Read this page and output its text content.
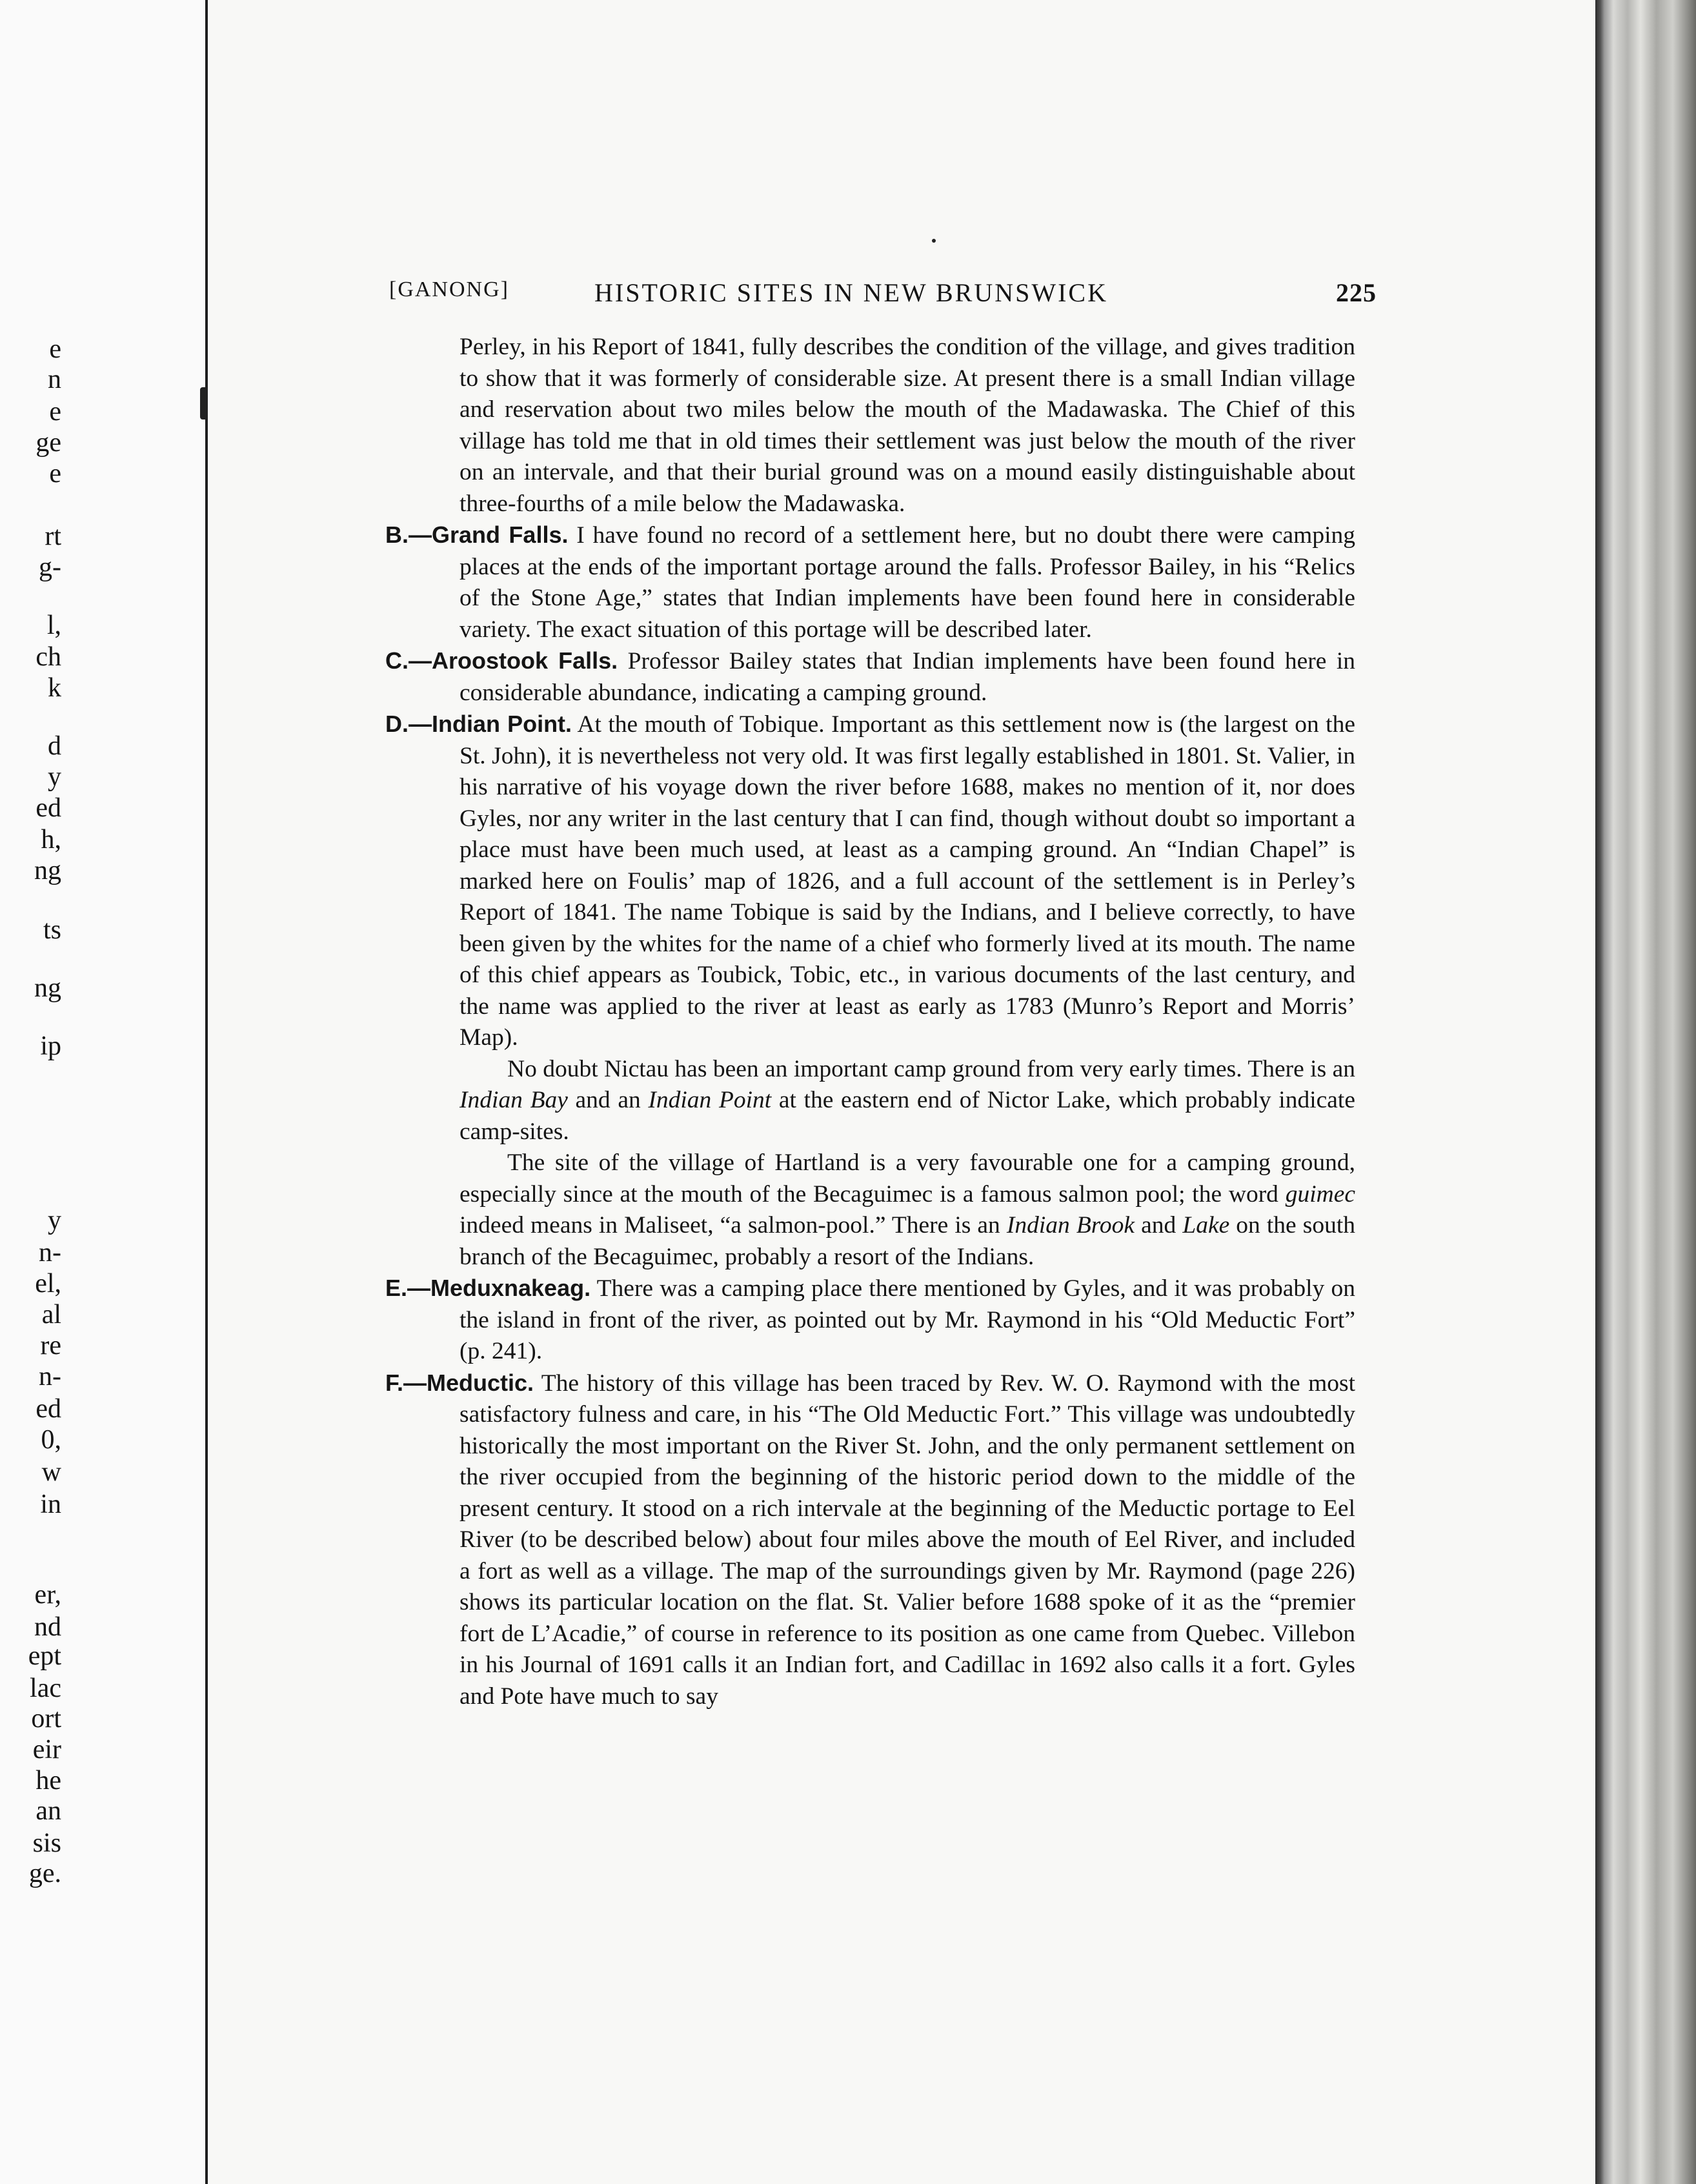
e
n
e
ge
e
rt
g-
l,
ch
k
d
y
ed
h,
ng
ts
ng
ip
y
n-
el,
al
re
n-
ed
0,
w
in
er,
nd
ept
lac
ort
eir
he
an
sis
ge.
[GANONG]	HISTORIC SITES IN NEW BRUNSWICK	225

Perley, in his Report of 1841, fully describes the condition of the village, and gives tradition to show that it was formerly of considerable size. At present there is a small Indian village and reservation about two miles below the mouth of the Madawaska. The Chief of this village has told me that in old times their settlement was just below the mouth of the river on an intervale, and that their burial ground was on a mound easily distinguishable about three-fourths of a mile below the Madawaska.

B.—Grand Falls. I have found no record of a settlement here, but no doubt there were camping places at the ends of the important portage around the falls. Professor Bailey, in his “Relics of the Stone Age,” states that Indian implements have been found here in considerable variety. The exact situation of this portage will be described later.

C.—Aroostook Falls. Professor Bailey states that Indian implements have been found here in considerable abundance, indicating a camping ground.

D.—Indian Point. At the mouth of Tobique. Important as this settlement now is (the largest on the St. John), it is nevertheless not very old. It was first legally established in 1801. St. Valier, in his narrative of his voyage down the river before 1688, makes no mention of it, nor does Gyles, nor any writer in the last century that I can find, though without doubt so important a place must have been much used, at least as a camping ground. An “Indian Chapel” is marked here on Foulis’ map of 1826, and a full account of the settlement is in Perley’s Report of 1841. The name Tobique is said by the Indians, and I believe correctly, to have been given by the whites for the name of a chief who formerly lived at its mouth. The name of this chief appears as Toubick, Tobic, etc., in various documents of the last century, and the name was applied to the river at least as early as 1783 (Munro’s Report and Morris’ Map).

No doubt Nictau has been an important camp ground from very early times. There is an Indian Bay and an Indian Point at the eastern end of Nictor Lake, which probably indicate camp-sites.

The site of the village of Hartland is a very favourable one for a camping ground, especially since at the mouth of the Becaguimec is a famous salmon pool; the word guimec indeed means in Maliseet, “a salmon-pool.” There is an Indian Brook and Lake on the south branch of the Becaguimec, probably a resort of the Indians.

E.—Meduxnakeag. There was a camping place there mentioned by Gyles, and it was probably on the island in front of the river, as pointed out by Mr. Raymond in his “Old Meductic Fort” (p. 241).

F.—Meductic. The history of this village has been traced by Rev. W. O. Raymond with the most satisfactory fulness and care, in his “The Old Meductic Fort.” This village was undoubtedly historically the most important on the River St. John, and the only permanent settlement on the river occupied from the beginning of the historic period down to the middle of the present century. It stood on a rich intervale at the beginning of the Meductic portage to Eel River (to be described below) about four miles above the mouth of Eel River, and included a fort as well as a village. The map of the surroundings given by Mr. Raymond (page 226) shows its particular location on the flat. St. Valier before 1688 spoke of it as the “premier fort de L’Acadie,” of course in reference to its position as one came from Quebec. Villebon in his Journal of 1691 calls it an Indian fort, and Cadillac in 1692 also calls it a fort. Gyles and Pote have much to say
